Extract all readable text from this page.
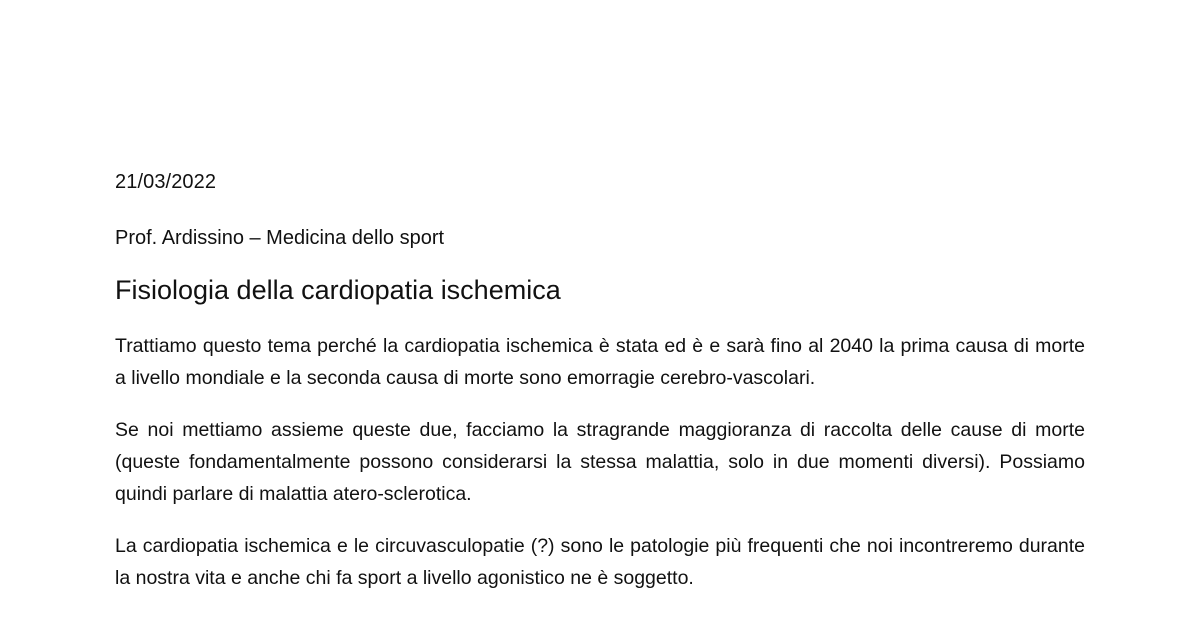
21/03/2022
Prof. Ardissino – Medicina dello sport
Fisiologia della cardiopatia ischemica

Trattiamo questo tema perché la cardiopatia ischemica è stata ed è e sarà fino al 2040 la prima causa di morte a livello mondiale e la seconda causa di morte sono emorragie cerebro-vascolari.

Se noi mettiamo assieme queste due, facciamo la stragrande maggioranza di raccolta delle cause di morte (queste fondamentalmente possono considerarsi la stessa malattia, solo in due momenti diversi). Possiamo quindi parlare di malattia atero-sclerotica.

La cardiopatia ischemica e le circuvasculopatie (?) sono le patologie più frequenti che noi incontreremo durante la nostra vita e anche chi fa sport a livello agonistico ne è soggetto.
